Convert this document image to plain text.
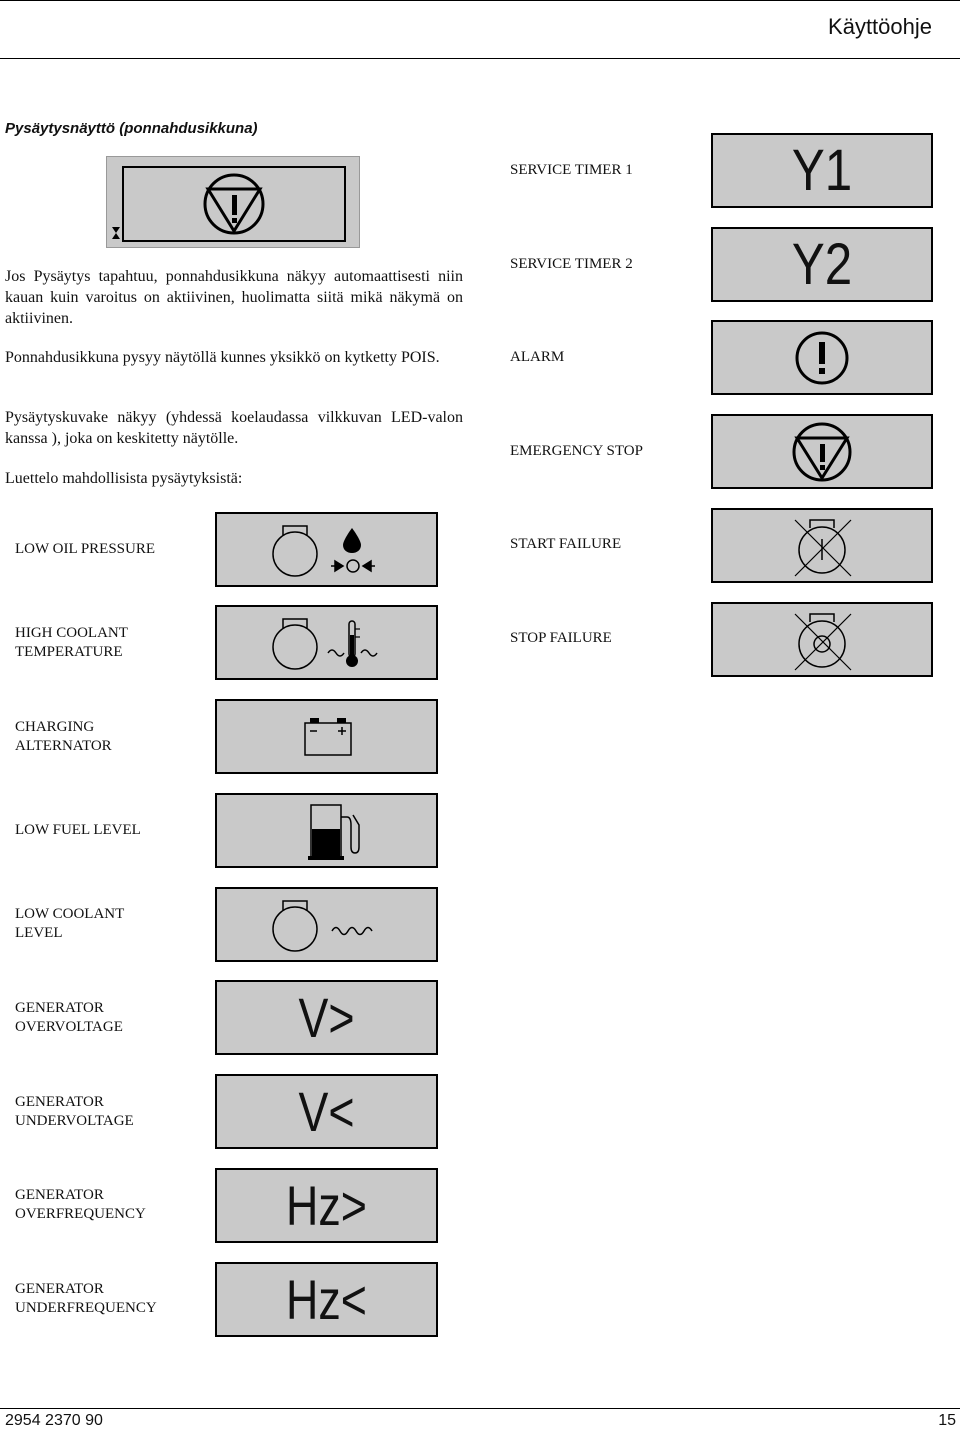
Käyttöohje
Pysäytysnäyttö (ponnahdusikkuna)
Jos Pysäytys tapahtuu, ponnahdusikkuna näkyy automaattisesti niin kauan kuin varoitus on aktiivinen, huolimatta siitä mikä näkymä on aktiivinen.
Ponnahdusikkuna pysyy näytöllä kunnes yksikkö on kytketty POIS.
Pysäytyskuvake näkyy (yhdessä koelaudassa vilkkuvan LED-valon kanssa ), joka on keskitetty näytölle.
Luettelo mahdollisista pysäytyksistä:
SERVICE TIMER 1
SERVICE TIMER 2
ALARM
EMERGENCY STOP
START FAILURE
STOP FAILURE
Y1
Y2
LOW OIL PRESSURE
HIGH COOLANT TEMPERATURE
CHARGING ALTERNATOR
LOW FUEL LEVEL
LOW COOLANT LEVEL
GENERATOR OVERVOLTAGE
GENERATOR UNDERVOLTAGE
GENERATOR OVERFREQUENCY
GENERATOR UNDERFREQUENCY
V>
V<
Hz>
Hz<
2954 2370 90	15
